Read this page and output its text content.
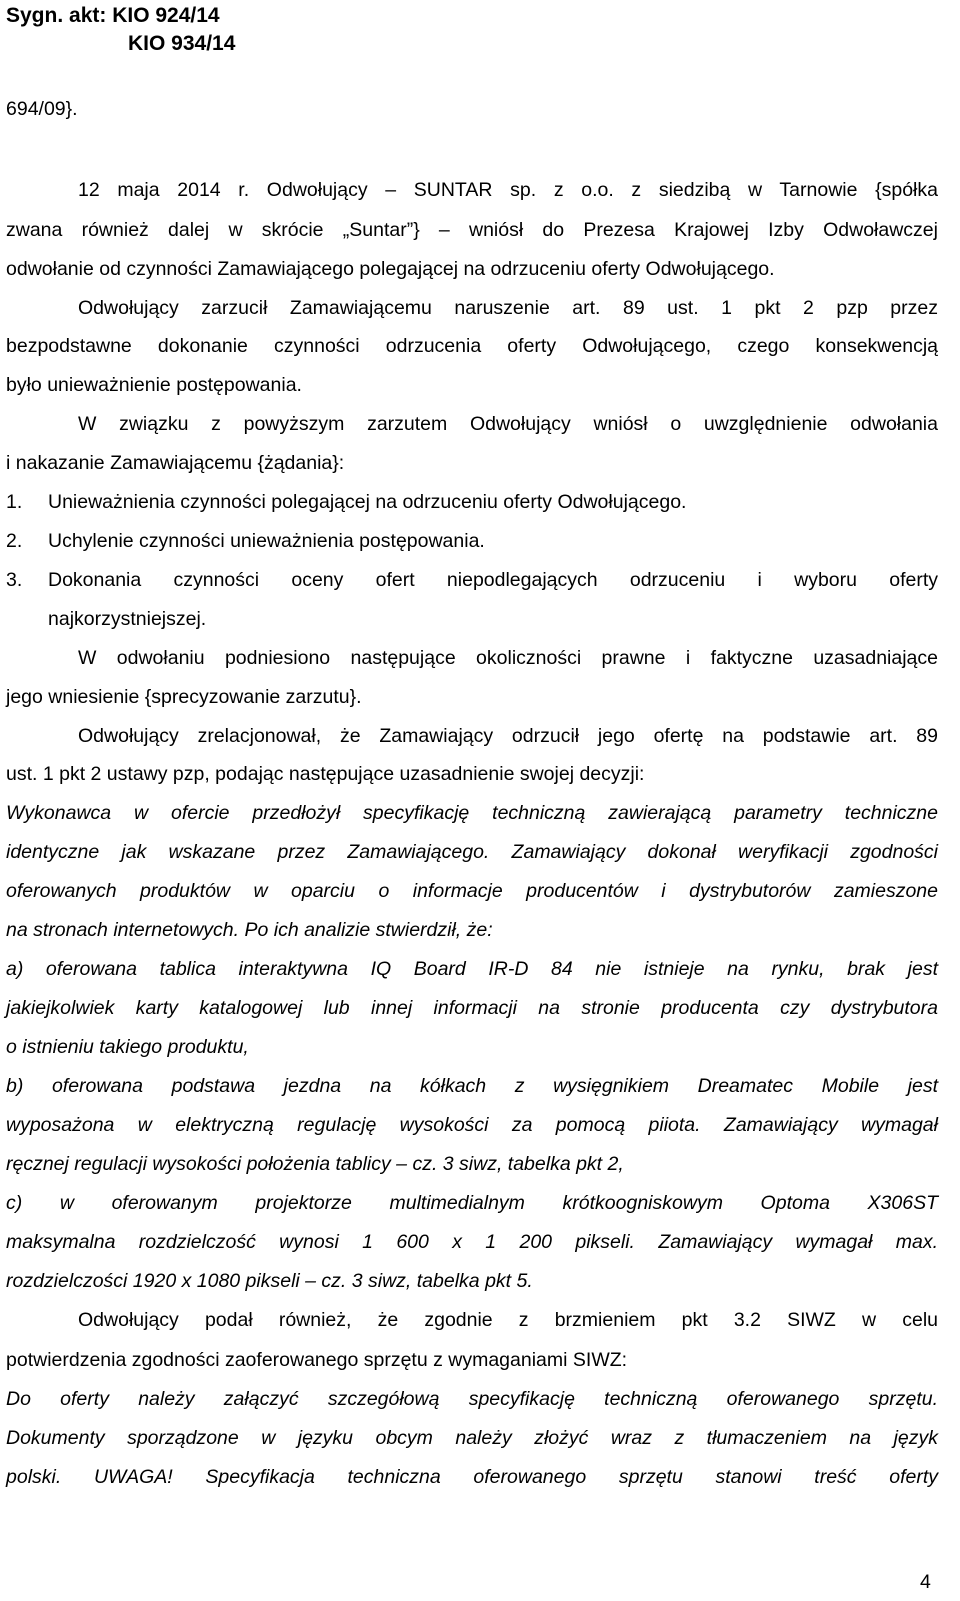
Sygn. akt: KIO 924/14
KIO 934/14
694/09}.
12 maja 2014 r. Odwołujący – SUNTAR sp. z o.o. z siedzibą w Tarnowie {spółka
zwana również dalej w skrócie „Suntar”} – wniósł do Prezesa Krajowej Izby Odwoławczej
odwołanie od czynności Zamawiającego polegającej na odrzuceniu oferty Odwołującego.
Odwołujący zarzucił Zamawiającemu naruszenie art. 89 ust. 1 pkt 2 pzp przez
bezpodstawne dokonanie czynności odrzucenia oferty Odwołującego, czego konsekwencją
było unieważnienie postępowania.
W związku z powyższym zarzutem Odwołujący wniósł o uwzględnienie odwołania
i nakazanie Zamawiającemu {żądania}:
1. Unieważnienia czynności polegającej na odrzuceniu oferty Odwołującego.
2. Uchylenie czynności unieważnienia postępowania.
3. Dokonania czynności oceny ofert niepodlegających odrzuceniu i wyboru oferty
najkorzystniejszej.
W odwołaniu podniesiono następujące okoliczności prawne i faktyczne uzasadniające
jego wniesienie {sprecyzowanie zarzutu}.
Odwołujący zrelacjonował, że Zamawiający odrzucił jego ofertę na podstawie art. 89
ust. 1 pkt 2 ustawy pzp, podając następujące uzasadnienie swojej decyzji:
Wykonawca w ofercie przedłożył specyfikację techniczną zawierającą parametry techniczne
identyczne jak wskazane przez Zamawiającego. Zamawiający dokonał weryfikacji zgodności
oferowanych produktów w oparciu o informacje producentów i dystrybutorów zamieszone
na stronach internetowych. Po ich analizie stwierdził, że:
a) oferowana tablica interaktywna IQ Board IR-D 84 nie istnieje na rynku, brak jest
jakiejkolwiek karty katalogowej lub innej informacji na stronie producenta czy dystrybutora
o istnieniu takiego produktu,
b) oferowana podstawa jezdna na kółkach z wysięgnikiem Dreamatec Mobile jest
wyposażona w elektryczną regulację wysokości za pomocą piiota. Zamawiający wymagał
ręcznej regulacji wysokości położenia tablicy – cz. 3 siwz, tabelka pkt 2,
c) w oferowanym projektorze multimedialnym krótkoogniskowym Optoma X306ST
maksymalna rozdzielczość wynosi 1 600 x 1 200 pikseli. Zamawiający wymagał max.
rozdzielczości 1920 x 1080 pikseli – cz. 3 siwz, tabelka pkt 5.
Odwołujący podał również, że zgodnie z brzmieniem pkt 3.2 SIWZ w celu
potwierdzenia zgodności zaoferowanego sprzętu z wymaganiami SIWZ:
Do oferty należy załączyć szczegółową specyfikację techniczną oferowanego sprzętu.
Dokumenty sporządzone w języku obcym należy złożyć wraz z tłumaczeniem na język
polski. UWAGA! Specyfikacja techniczna oferowanego sprzętu stanowi treść oferty
4
